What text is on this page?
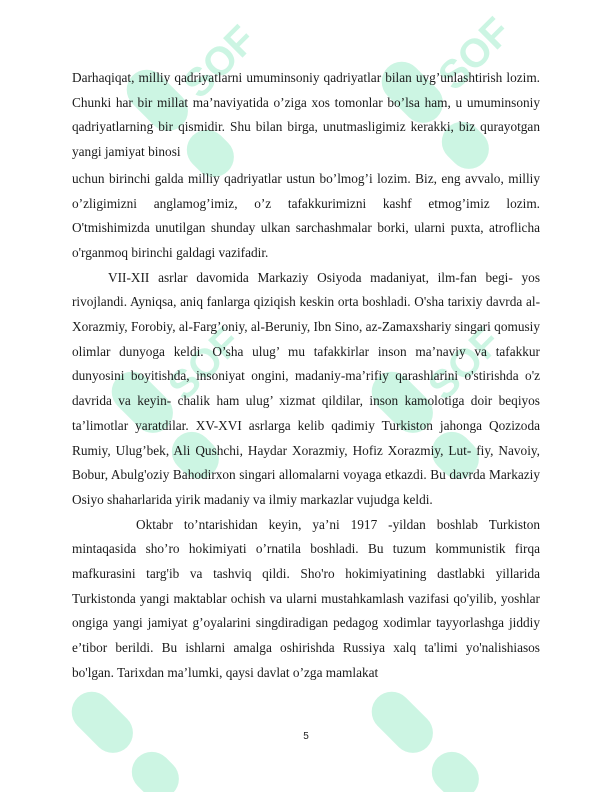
SOF	SOF
SOF	SOF

Darhaqiqat, milliy qadriyatlarni umuminsoniy qadriyatlar bilan uyg’unlashtirish lozim. Chunki har bir millat ma’naviyatida o’ziga xos tomonlar bo’lsa ham, u umuminsoniy qadriyatlarning bir qismidir. Shu bilan birga, unutmasligimiz kerakki, biz qurayotgan yangi jamiyat binosi

uchun birinchi galda milliy qadriyatlar ustun bo’lmog’i lozim. Biz, eng avvalo, milliy o’zligimizni anglamog’imiz, o’z tafakkurimizni kashf etmog’imiz lozim. O'tmishimizda unutilgan shunday ulkan sarchashmalar borki, ularni puxta, atroflicha o'rganmoq birinchi galdagi vazifadir.

VII-XII asrlar davomida Markaziy Osiyoda madaniyat, ilm-fan begi- yos rivojlandi. Ayniqsa, aniq fanlarga qiziqish keskin orta boshladi. O'sha tarixiy davrda al-Xorazmiy, Forobiy, al-Farg’oniy, al-Beruniy, Ibn Sino, az-Zamaxshariy singari qomusiy olimlar dunyoga keldi. O’sha ulug’ mu tafakkirlar inson ma’naviy va tafakkur dunyosini boyitishda, insoniyat ongini, madaniy-ma’rifiy qarashlarini o'stirishda o'z davrida va keyin- chalik ham ulug’ xizmat qildilar, inson kamolotiga doir beqiyos ta’limotlar yaratdilar. XV-XVI asrlarga kelib qadimiy Turkiston jahonga Qozizoda Rumiy, Ulug’bek, Ali Qushchi, Haydar Xorazmiy, Hofiz Xorazmiy, Lut- fiy, Navoiy, Bobur, Abulg'oziy Bahodirxon singari allomalarni voyaga etkazdi. Bu davrda Markaziy Osiyo shaharlarida yirik madaniy va ilmiy markazlar vujudga keldi.

Oktabr to’ntarishidan keyin, ya’ni 1917 -yildan boshlab Turkiston mintaqasida sho’ro hokimiyati o’rnatila boshladi. Bu tuzum kommunistik firqa mafkurasini targ'ib va tashviq qildi. Sho'ro hokimiyatining dastlabki yillarida Turkistonda yangi maktablar ochish va ularni mustahkamlash vazifasi qo'yilib, yoshlar ongiga yangi jamiyat g’oyalarini singdiradigan pedagog xodimlar tayyorlashga jiddiy e’tibor berildi. Bu ishlarni amalga oshirishda Russiya xalq ta'limi yo'nalishiasos bo'lgan. Tarixdan ma’lumki, qaysi davlat o’zga mamlakat

5
